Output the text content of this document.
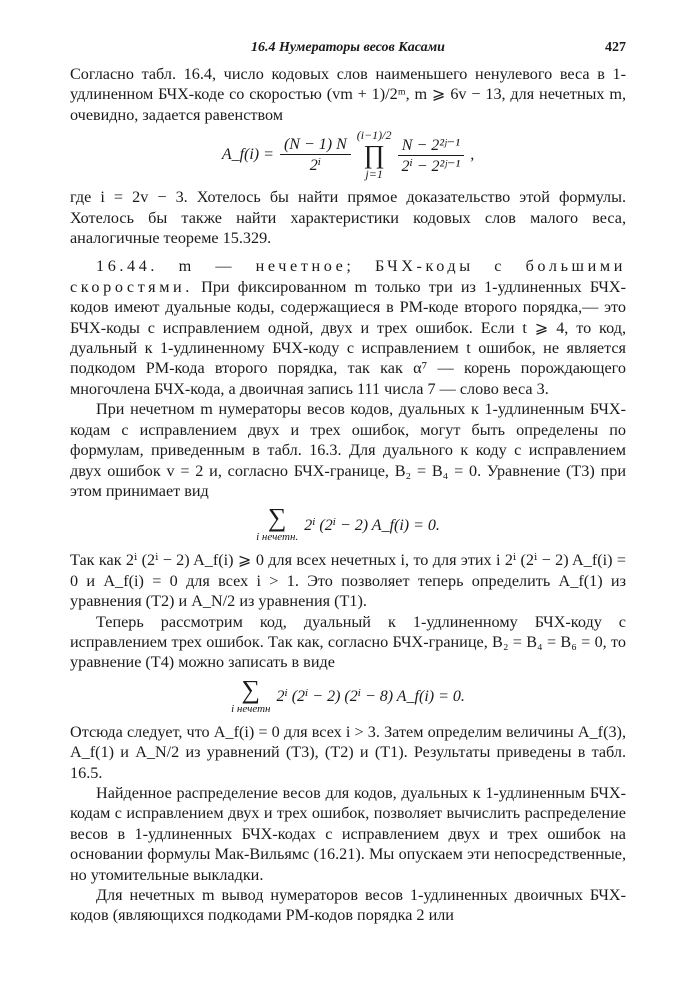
16.4 Нумераторы весов Касами	427

Согласно табл. 16.4, число кодовых слов наименьшего ненулевого веса в 1-удлиненном БЧХ-коде со скоростью (vm + 1)/2ᵐ, m ⩾ 6v − 13, для нечетных m, очевидно, задается равенством

A_f(i) = $\frac{(N - 1) N}{\text{2ⁱ}}$
(i−1)/2
∏
$j=1 \frac{\text{N − 2²ʲ⁻¹}}{\text{2ⁱ − 2²ʲ⁻¹}}$ ,

где i = 2v − 3. Хотелось бы найти прямое доказательство этой формулы. Хотелось бы также найти характеристики кодовых слов малого веса, аналогичные теореме 15.329.

16.44. m — нечетное; БЧХ-коды с большими скоростями. При фиксированном m только три из 1-удлиненных БЧХ-кодов имеют дуальные коды, содержащиеся в РМ-коде второго порядка,— это БЧХ-коды с исправлением одной, двух и трех ошибок. Если t ⩾ 4, то код, дуальный к 1-удлиненному БЧХ-коду с исправлением t ошибок, не является подкодом РМ-кода второго порядка, так как α⁷ — корень порождающего многочлена БЧХ-кода, а двоичная запись 111 числа 7 — слово веса 3.

При нечетном m нумераторы весов кодов, дуальных к 1-удлиненным БЧХ-кодам с исправлением двух и трех ошибок, могут быть определены по формулам, приведенным в табл. 16.3. Для дуального к коду с исправлением двух ошибок v = 2 и, согласно БЧХ-границе, B₂ = B₄ = 0. Уравнение (Т3) при этом принимает вид

∑
i нечетн.
2ⁱ (2ⁱ − 2) A_f(i) = 0.

Так как 2ⁱ (2ⁱ − 2) A_f(i) ⩾ 0 для всех нечетных i, то для этих i 2ⁱ (2ⁱ − 2) A_f(i) = 0 и A_f(i) = 0 для всех i > 1. Это позволяет теперь определить A_f(1) из уравнения (Т2) и A_N/2 из уравнения (Т1).

Теперь рассмотрим код, дуальный к 1-удлиненному БЧХ-коду с исправлением трех ошибок. Так как, согласно БЧХ-границе, B₂ = B₄ = B₆ = 0, то уравнение (Т4) можно записать в виде

∑
i нечетн
2ⁱ (2ⁱ − 2) (2ⁱ − 8) A_f(i) = 0.

Отсюда следует, что A_f(i) = 0 для всех i > 3. Затем определим величины A_f(3), A_f(1) и A_N/2 из уравнений (Т3), (Т2) и (Т1). Результаты приведены в табл. 16.5.

Найденное распределение весов для кодов, дуальных к 1-удлиненным БЧХ-кодам с исправлением двух и трех ошибок, позволяет вычислить распределение весов в 1-удлиненных БЧХ-кодах с исправлением двух и трех ошибок на основании формулы Мак-Вильямс (16.21). Мы опускаем эти непосредственные, но утомительные выкладки.

Для нечетных m вывод нумераторов весов 1-удлиненных двоичных БЧХ-кодов (являющихся подкодами РМ-кодов порядка 2 или
